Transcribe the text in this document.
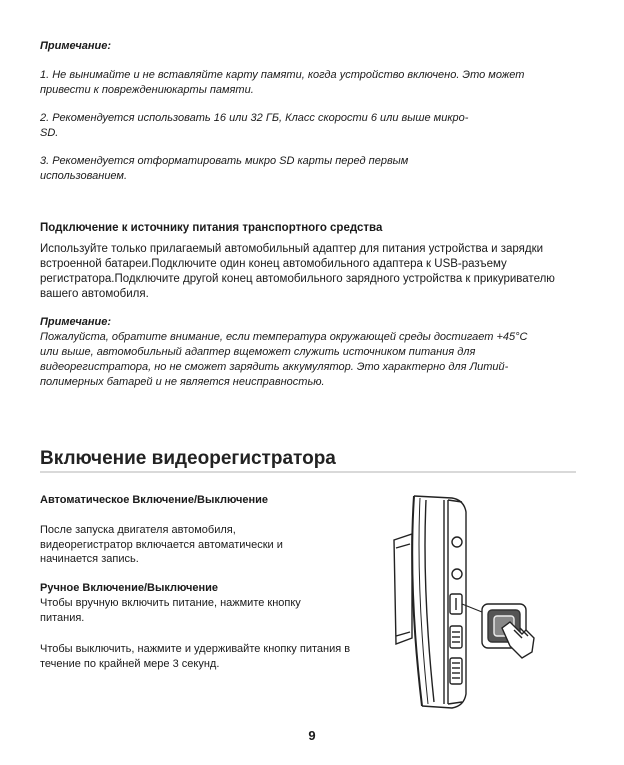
Примечание:

1. Не вынимайте и не вставляйте карту памяти, когда устройство включено. Это может привести к повреждениюкарты памяти.

2. Рекомендуется использовать 16 или 32 ГБ, Класс скорости 6 или выше микро-SD.

3. Рекомендуется отформатировать микро SD карты перед первым использованием.

Подключение к источнику питания транспортного средства

Используйте только прилагаемый автомобильный адаптер для питания устройства и зарядки встроенной батареи.Подключите один конец автомобильного адаптера к USB-разъему регистратора.Подключите другой конец автомобильного зарядного устройства к прикуривателю вашего автомобиля.

Примечание:

Пожалуйста, обратите внимание, если температура окружающей среды достигает +45°C или выше, автомобильный адаптер вщеможет служить источником питания для видеорегистратора, но не сможет зарядить аккумулятор. Это характерно для Литий-полимерных батарей и не является неисправностью.

Включение видеорегистратора
Автоматическое Включение/Выключение

После запуска двигателя автомобиля, видеорегистратор включается автоматически и начинается запись.

Ручное Включение/Выключение

Чтобы вручную включить питание, нажмите кнопку питания.

Чтобы выключить, нажмите и удерживайте кнопку питания в течение по крайней мере 3 секунд.

9
